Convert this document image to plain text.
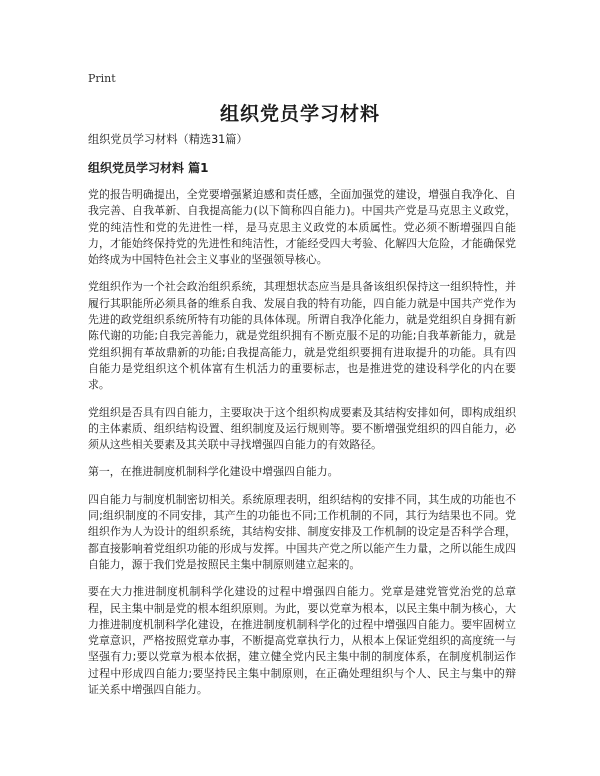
Print
组织党员学习材料

组织党员学习材料（精选31篇）

组织党员学习材料 篇1

党的报告明确提出，全党要增强紧迫感和责任感，全面加强党的建设，增强自我净化、自我完善、自我革新、自我提高能力(以下简称四自能力)。中国共产党是马克思主义政党，党的纯洁性和党的先进性一样，是马克思主义政党的本质属性。党必须不断增强四自能力，才能始终保持党的先进性和纯洁性，才能经受四大考验、化解四大危险，才能确保党始终成为中国特色社会主义事业的坚强领导核心。

党组织作为一个社会政治组织系统，其理想状态应当是具备该组织保持这一组织特性，并履行其职能所必须具备的维系自我、发展自我的特有功能，四自能力就是中国共产党作为先进的政党组织系统所特有功能的具体体现。所谓自我净化能力，就是党组织自身拥有新陈代谢的功能;自我完善能力，就是党组织拥有不断克服不足的功能;自我革新能力，就是党组织拥有革故鼎新的功能;自我提高能力，就是党组织要拥有进取提升的功能。具有四自能力是党组织这个机体富有生机活力的重要标志，也是推进党的建设科学化的内在要求。

党组织是否具有四自能力，主要取决于这个组织构成要素及其结构安排如何，即构成组织的主体素质、组织结构设置、组织制度及运行规则等。要不断增强党组织的四自能力，必须从这些相关要素及其关联中寻找增强四自能力的有效路径。

第一，在推进制度机制科学化建设中增强四自能力。

四自能力与制度机制密切相关。系统原理表明，组织结构的安排不同，其生成的功能也不同;组织制度的不同安排，其产生的功能也不同;工作机制的不同，其行为结果也不同。党组织作为人为设计的组织系统，其结构安排、制度安排及工作机制的设定是否科学合理，都直接影响着党组织功能的形成与发挥。中国共产党之所以能产生力量，之所以能生成四自能力，源于我们党是按照民主集中制原则建立起来的。

要在大力推进制度机制科学化建设的过程中增强四自能力。党章是建党管党治党的总章程，民主集中制是党的根本组织原则。为此，要以党章为根本，以民主集中制为核心，大力推进制度机制科学化建设，在推进制度机制科学化的过程中增强四自能力。要牢固树立党章意识，严格按照党章办事，不断提高党章执行力，从根本上保证党组织的高度统一与坚强有力;要以党章为根本依据，建立健全党内民主集中制的制度体系，在制度机制运作过程中形成四自能力;要坚持民主集中制原则，在正确处理组织与个人、民主与集中的辩证关系中增强四自能力。
